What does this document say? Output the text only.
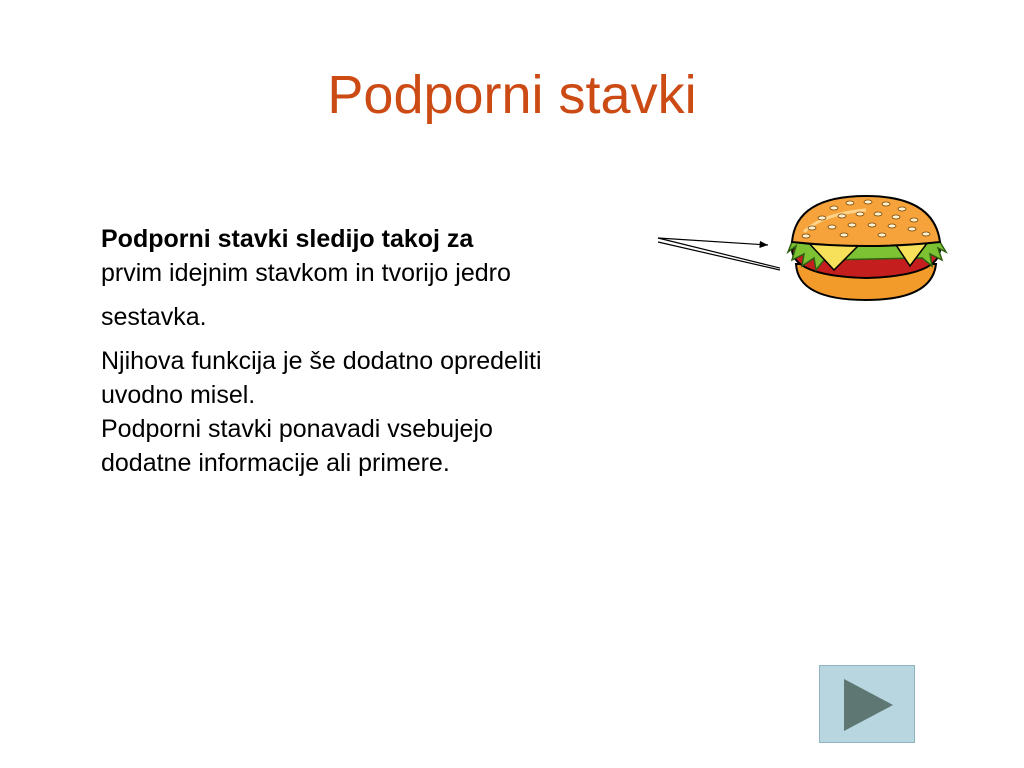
Podporni stavki
Podporni stavki sledijo takoj za
prvim idejnim stavkom in tvorijo jedro
sestavka.
Njihova funkcija je še dodatno opredeliti
uvodno misel.
Podporni stavki ponavadi vsebujejo
dodatne informacije ali primere.
